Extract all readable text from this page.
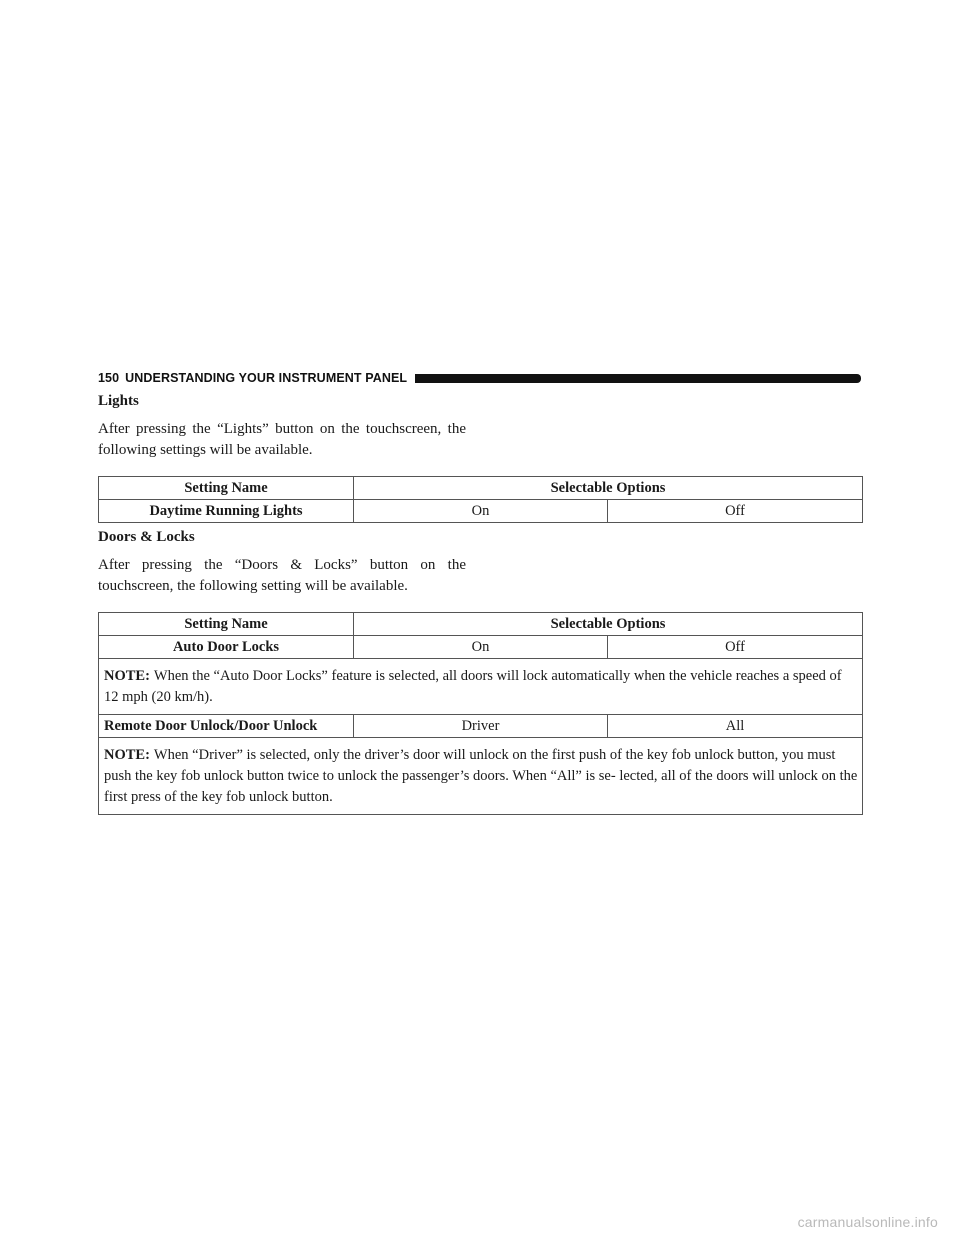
150 UNDERSTANDING YOUR INSTRUMENT PANEL
Lights

After pressing the “Lights” button on the touchscreen, the following settings will be available.

Setting Name	Selectable Options	
Daytime Running Lights	On	Off
Doors & Locks

After pressing the “Doors & Locks” button on the touchscreen, the following setting will be available.

Setting Name	Selectable Options	
Auto Door Locks	On	Off
NOTE: When the “Auto Door Locks” feature is selected, all doors will lock automatically when the vehicle reaches a speed of 12 mph (20 km/h).		
Remote Door Unlock/Door Unlock	Driver	All
NOTE: When “Driver” is selected, only the driver’s door will unlock on the first push of the key fob unlock button, you must push the key fob unlock button twice to unlock the passenger’s doors. When “All” is se- lected, all of the doors will unlock on the first press of the key fob unlock button.		
carmanualsonline.info
